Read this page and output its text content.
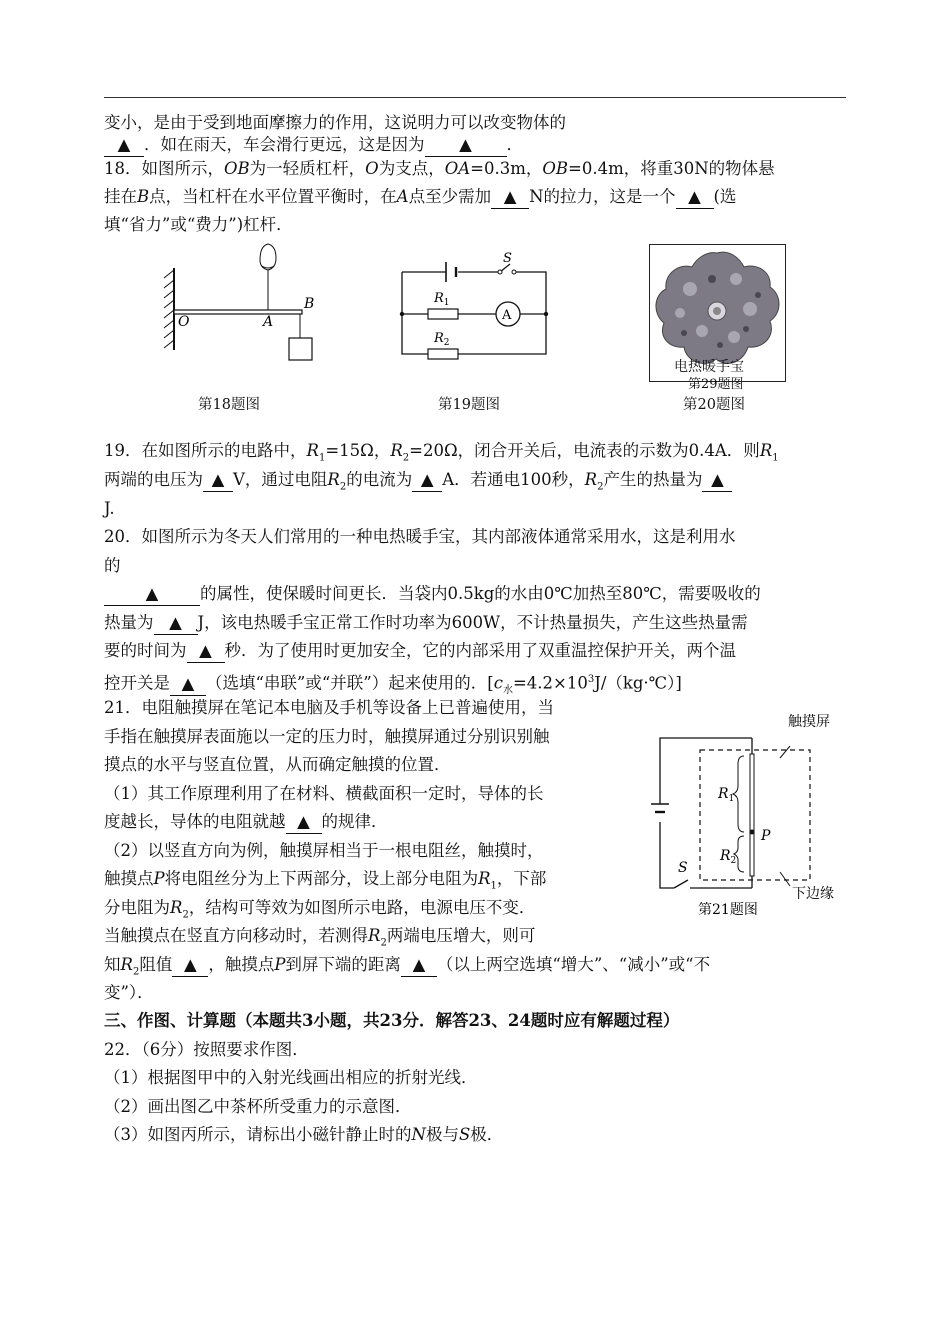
变小，是由于受到地面摩擦力的作用，这说明力可以改变物体的
▲ ．如在雨天，车会滑行更远，这是因为 ▲ ．
18．如图所示，OB为一轻质杠杆，O为支点，OA=0.3m，OB=0.4m，将重30N的物体悬
挂在B点，当杠杆在水平位置平衡时，在A点至少需加 ▲ N的拉力，这是一个 ▲ (选
填“省力”或“费力”)杠杆．
O	A
B
第18题图
S
$R_1$
$R_2$
A
第19题图
电热暖手宝
第29题图
第20题图
19．在如图所示的电路中，$R_1=15\Omega$，$R_2=20\Omega$，闭合开关后，电流表的示数为0.4A．则$R_1$
两端的电压为 ▲ V，通过电阻$R_2$的电流为 ▲ A．若通电100秒，$R_2$产生的热量为 ▲
J.
20．如图所示为冬天人们常用的一种电热暖手宝，其内部液体通常采用水，这是利用水
的
▲	的属性，使保暖时间更长．当袋内0.5kg的水由0℃加热至80℃，需要吸收的
热量为 ▲ J，该电热暖手宝正常工作时功率为600W，不计热量损失，产生这些热量需
要的时间为 ▲ 秒．为了使用时更加安全，它的内部采用了双重温控保护开关，两个温
控开关是 ▲ （选填“串联”或“并联”）起来使用的．$[c_水=4.2\times 10^3J/(kg\cdot℃)]$
21．电阻触摸屏在笔记本电脑及手机等设备上已普遍使用，当
手指在触摸屏表面施以一定的压力时，触摸屏通过分别识别触
摸点的水平与竖直位置，从而确定触摸的位置．
（1）其工作原理利用了在材料、横截面积一定时，导体的长
度越长，导体的电阻就越 ▲ 的规律．
（2）以竖直方向为例，触摸屏相当于一根电阻丝，触摸时，
触摸点P将电阻丝分为上下两部分，设上部分电阻为$R_1$，下部
分电阻为$R_2$，结构可等效为如图所示电路，电源电压不变．
当触摸点在竖直方向移动时，若测得$R_2$两端电压增大，则可
知$R_2$阻值 ▲ ，触摸点P到屏下端的距离 ▲ （以上两空选填“增大”、“减小”或“不
变”）．
触摸屏
$R_1$
$R_2$
P
S
下边缘
第21题图
三、作图、计算题（本题共3小题，共23分．解答23、24题时应有解题过程）
22．（6分）按照要求作图．
（1）根据图甲中的入射光线画出相应的折射光线．
（2）画出图乙中茶杯所受重力的示意图．
（3）如图丙所示，请标出小磁针静止时的N极与S极．
